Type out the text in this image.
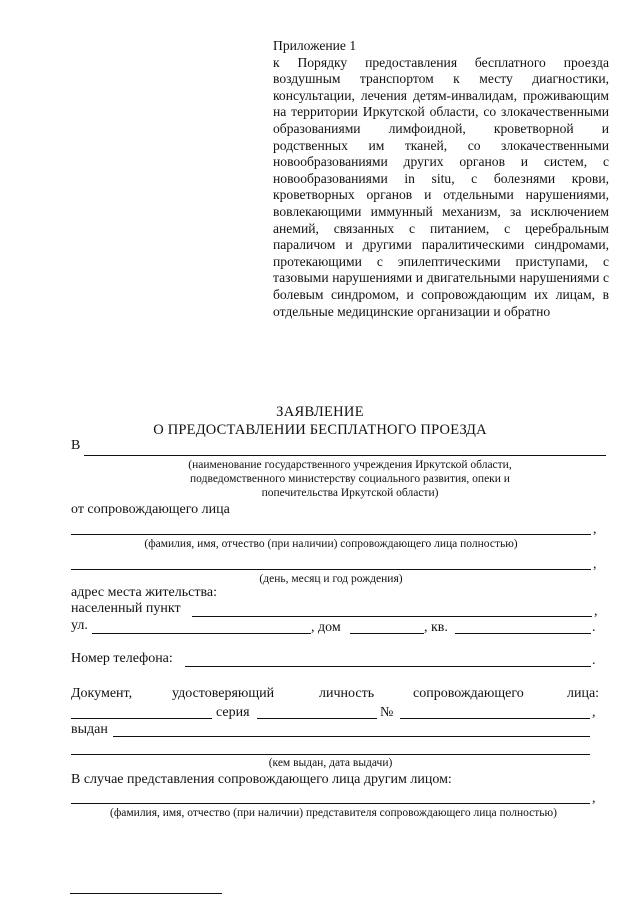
Приложение 1
к Порядку предоставления бесплатного проезда воздушным транспортом к месту диагностики, консультации, лечения детям-инвалидам, проживающим на территории Иркутской области, со злокачественными образованиями лимфоидной, кроветворной и родственных им тканей, со злокачественными новообразованиями других органов и систем, с новообразованиями in situ, с болезнями крови, кроветворных органов и отдельными нарушениями, вовлекающими иммунный механизм, за исключением анемий, связанных с питанием, с церебральным параличом и другими паралитическими синдромами, протекающими с эпилептическими приступами, с тазовыми нарушениями и двигательными нарушениями с болевым синдромом, и сопровождающим их лицам, в отдельные медицинские организации и обратно
ЗАЯВЛЕНИЕ
О ПРЕДОСТАВЛЕНИИ БЕСПЛАТНОГО ПРОЕЗДА
В
(наименование государственного учреждения Иркутской области,
подведомственного министерству социального развития, опеки и
попечительства Иркутской области)
от сопровождающего лица
,
(фамилия, имя, отчество (при наличии) сопровождающего лица полностью)
,
(день, месяц и год рождения)
адрес места жительства:
населенный пункт	,
ул.	, дом	, кв.	.
Номер телефона:	.
Документ,	удостоверяющий	личность	сопровождающего	лица:
серия	№	,
выдан
(кем выдан, дата выдачи)
В случае представления сопровождающего лица другим лицом:
,
(фамилия, имя, отчество (при наличии) представителя сопровождающего лица полностью)
